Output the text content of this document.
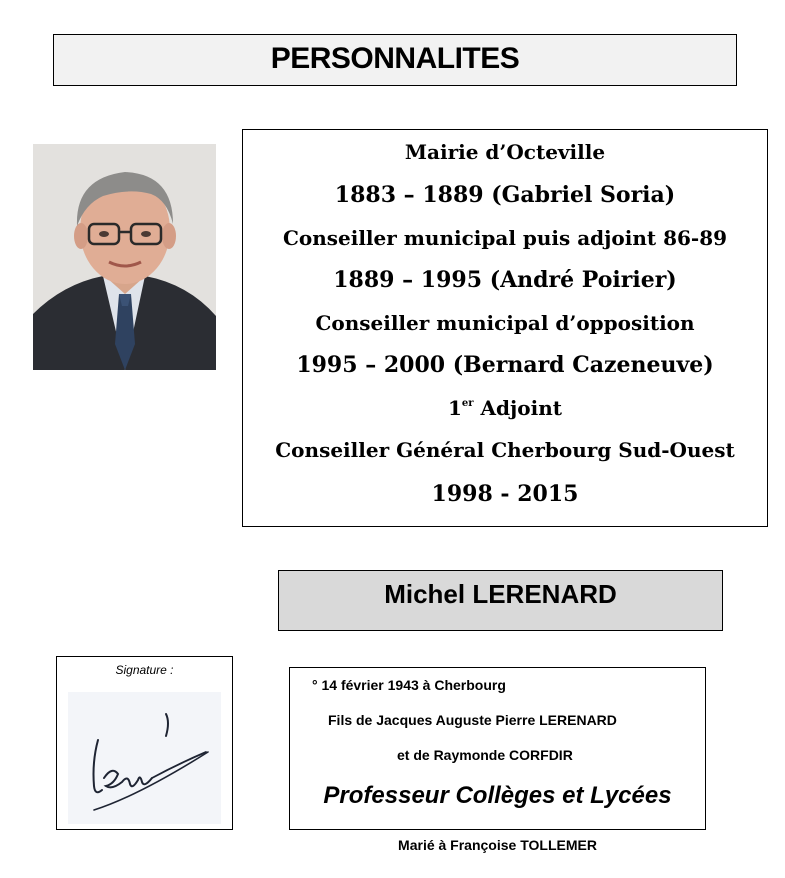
PERSONNALITES
Mairie d’Octeville
1883 – 1889 (Gabriel Soria)
Conseiller municipal puis adjoint 86-89
1889 – 1995 (André Poirier)
Conseiller municipal d’opposition
1995 – 2000 (Bernard Cazeneuve)
1er Adjoint
Conseiller Général Cherbourg Sud-Ouest
1998 - 2015
Michel LERENARD
Signature :
° 14 février 1943 à Cherbourg
Fils de Jacques Auguste Pierre LERENARD
et de Raymonde CORFDIR
Professeur Collèges et Lycées
Marié à Françoise TOLLEMER
